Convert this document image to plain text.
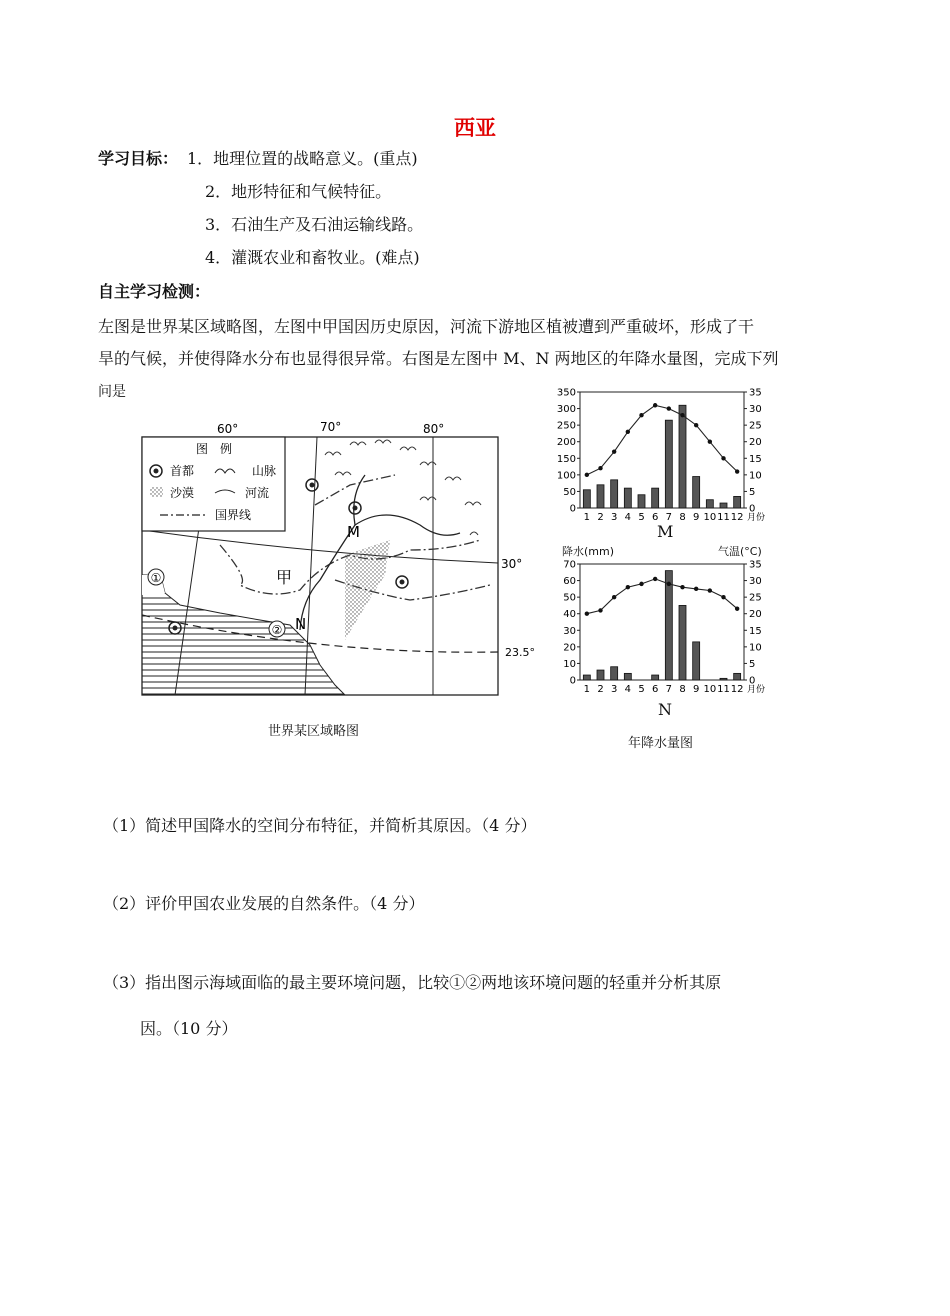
西亚
学习目标： 1．地理位置的战略意义。(重点)
2．地形特征和气候特征。
3．石油生产及石油运输线路。
4．灌溉农业和畜牧业。(难点)
自主学习检测：
左图是世界某区域略图，左图中甲国因历史原因，河流下游地区植被遭到严重破坏，形成了干
旱的气候，并使得降水分布也显得很异常。右图是左图中 M、N 两地区的年降水量图，完成下列
问是
图　例
首都	山脉
沙漠	河流
国界线
60°	70°	80°
30°
23.5°
甲
M
N
①
②
世界某区域略图
0
50
100
150
200
250
300
350
0
5
10
15
20
25
30
35
1 2 3 4 5 6 7 8 9 10 11 12 月份
M
降水(mm)	气温(°C)
0
10
20
30
40
50
60
70
0
5
10
15
20
25
30
35
1 2 3 4 5 6 7 8 9 10 11 12 月份
N
年降水量图
（1）简述甲国降水的空间分布特征，并简析其原因。（4 分）
（2）评价甲国农业发展的自然条件。（4 分）
（3）指出图示海域面临的最主要环境问题，比较①②两地该环境问题的轻重并分析其原
因。（10 分）
